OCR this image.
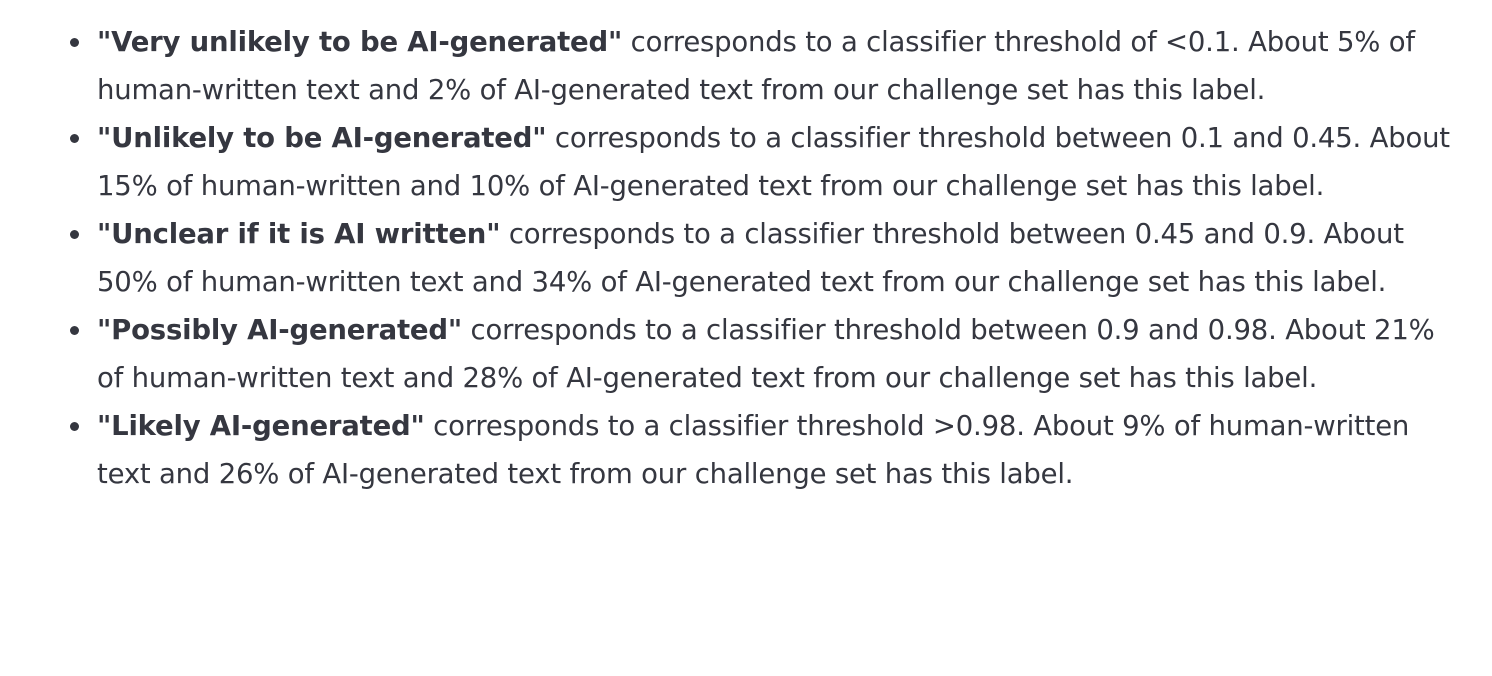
"Very unlikely to be AI-generated" corresponds to a classifier threshold of <0.1. About 5% of human-written text and 2% of AI-generated text from our challenge set has this label.
"Unlikely to be AI-generated" corresponds to a classifier threshold between 0.1 and 0.45. About 15% of human-written and 10% of AI-generated text from our challenge set has this label.
"Unclear if it is AI written" corresponds to a classifier threshold between 0.45 and 0.9. About 50% of human-written text and 34% of AI-generated text from our challenge set has this label.
"Possibly AI-generated" corresponds to a classifier threshold between 0.9 and 0.98. About 21% of human-written text and 28% of AI-generated text from our challenge set has this label.
"Likely AI-generated" corresponds to a classifier threshold >0.98. About 9% of human-written text and 26% of AI-generated text from our challenge set has this label.
